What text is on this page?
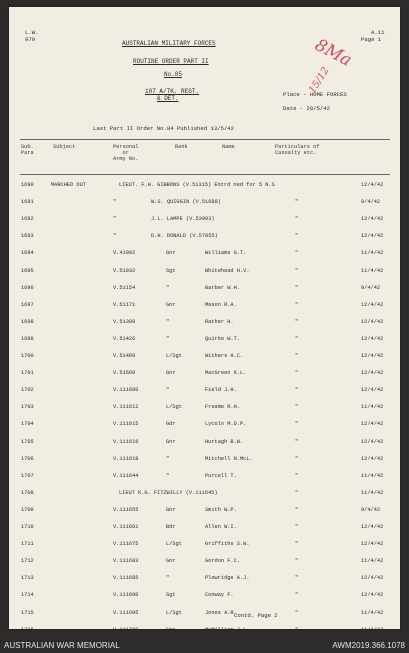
L.W.
979
A.11
Page 1
AUSTRALIAN MILITARY FORCES
ROUTINE ORDER PART II
No.85
107 A/TK. REGT.
& DET.
Place - HOME FORCES
Date - 20/5/42
Last Part II Order No.84 Published 13/5/42
8Ma
15/12
Sub.
Para
Subject	Personal
or
Army No.
Rank	Name	Particulars of
Casualty etc.
1690	MARCHED OUT	LIEUT. F.H. GIBBONS (V.51315) Entrd ned for 5 N.S	12/4/42
1691	"	W.S. QUIGGIN (V.51688)	"	9/4/42
1692	"	J.L. LAMPE (V.53903)	"	12/4/42
1693	"	D.H. DONALD (V.57855)	"	12/4/42
1694	V.41092	Gnr	Williams G.T.	"	11/4/42
1695	V.51032	Sgt	Whitehead H.V.	"	11/4/42
1696	V.51154	"	Barber W.H.	"	9/4/42
1697	V.51171	Gnr	Mason R.A.	"	12/4/42
1698	V.51398	"	Rather H.	"	12/4/42
1699	V.51426	"	Quirke W.T.	"	12/4/42
1700	V.51489	L/Sgt	Withers H.C.	"	12/4/42
1701	V.51660	Gnr	MacGreen K.L.	"	12/4/42
1702	V.111600	"	Field J.H.	"	12/4/42
1703	V.111612	L/Sgt	Freame R.H.	"	11/4/42
1704	V.111615	Gdr	Lycoln M.D.P.	"	12/4/42
1705	V.111616	Gnr	Hurtagh B.W.	"	12/4/42
1706	V.111618	"	Mitchell N.McL.	"	12/4/42
1707	V.111644	"	Purcell T.	"	11/4/42
1708	LIEUT K.G. FITZWILLY (V.111645)	"	11/4/42
1709	V.111655	Gnr	Smith W.P.	"	9/4/42
1710	V.111661	Bdr	Allen W.I.	"	12/4/42
1711	V.111675	L/Sgt	Griffiths S.W.	"	12/4/42
1712	V.111683	Gnr	Gordon F.C.	"	11/4/42
1713	V.111685	"	Plowridge A.J.	"	12/4/42
1714	V.111690	Sgt	Conway F.	"	12/4/42
1715	V.111695	L/Sgt	Jones A.R.	"	11/4/42
1716	V.111780	Gnr	McMillion J.L.	"	11/4/42
Contd. Page 2
AUSTRALIAN WAR MEMORIAL	AWM2019.366.1078
